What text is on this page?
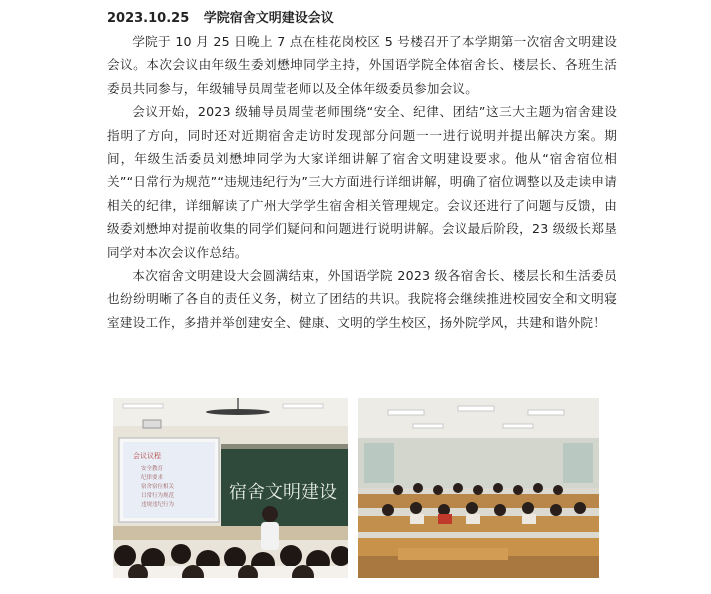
2023.10.25 学院宿舍文明建设会议

学院于 10 月 25 日晚上 7 点在桂花岗校区 5 号楼召开了本学期第一次宿舍文明建设会议。本次会议由年级生委刘懋坤同学主持，外国语学院全体宿舍长、楼层长、各班生活委员共同参与，年级辅导员周莹老师以及全体年级委员参加会议。

会议开始，2023 级辅导员周莹老师围绕“安全、纪律、团结”这三大主题为宿舍建设指明了方向，同时还对近期宿舍走访时发现部分问题一一进行说明并提出解决方案。期间，年级生活委员刘懋坤同学为大家详细讲解了宿舍文明建设要求。他从“宿舍宿位相关”“日常行为规范”“违规违纪行为”三大方面进行详细讲解，明确了宿位调整以及走读申请相关的纪律，详细解读了广州大学学生宿舍相关管理规定。会议还进行了问题与反馈，由级委刘懋坤对提前收集的同学们疑问和问题进行说明讲解。会议最后阶段，23 级级长郑垦同学对本次会议作总结。

本次宿舍文明建设大会圆满结束，外国语学院 2023 级各宿舍长、楼层长和生活委员也纷纷明晰了各自的责任义务，树立了团结的共识。我院将会继续推进校园安全和文明寝室建设工作，多措并举创建安全、健康、文明的学生校区，扬外院学风，共建和谐外院！

会议议程
安全教育
纪律要求
宿舍宿位相关
日常行为规范
违规违纪行为
宿舍文明建设
